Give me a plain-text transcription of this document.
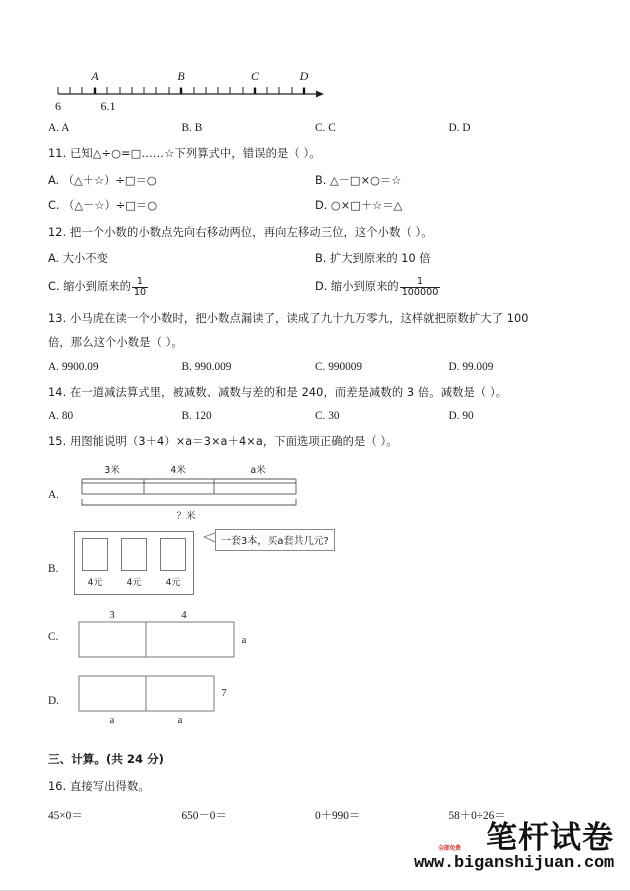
A	B	C	D
6	6.1
A. A	B. B	C. C	D. D
11. 已知△÷○=□……☆下列算式中，错误的是（ ）。
A. （△＋☆）÷□＝○	B. △－□×○＝☆
C. （△－☆）÷□＝○	D. ○×□＋☆＝△
12. 把一个小数的小数点先向右移动两位，再向左移动三位，这个小数（ ）。
A. 大小不变	B. 扩大到原来的 10 倍
C. 缩小到原来的 $\frac{1}{10}$	D. 缩小到原来的 $\frac{1}{100000}$
13. 小马虎在读一个小数时，把小数点漏读了，读成了九十九万零九，这样就把原数扩大了 100
倍，那么这个小数是（ ）。
A. 9900.09	B. 990.009	C. 990009	D. 99.009
14. 在一道减法算式里，被减数、减数与差的和是 240，而差是减数的 3 倍。减数是（ ）。
A. 80	B. 120	C. 30	D. 90
15. 用图能说明（3＋4）×a＝3×a＋4×a，下面选项正确的是（ ）。
A.
3米	4米	a米
？米
B.
4元	4元	4元
一套3本，买a套共几元?
C.
3	4
a
D.
7
a	a
三、计算。(共 24 分)
16. 直接写出得数。
45×0＝	650－0＝	0＋990＝	58＋0÷26＝
笔杆试卷
www.biganshijuan.com
全部免费
